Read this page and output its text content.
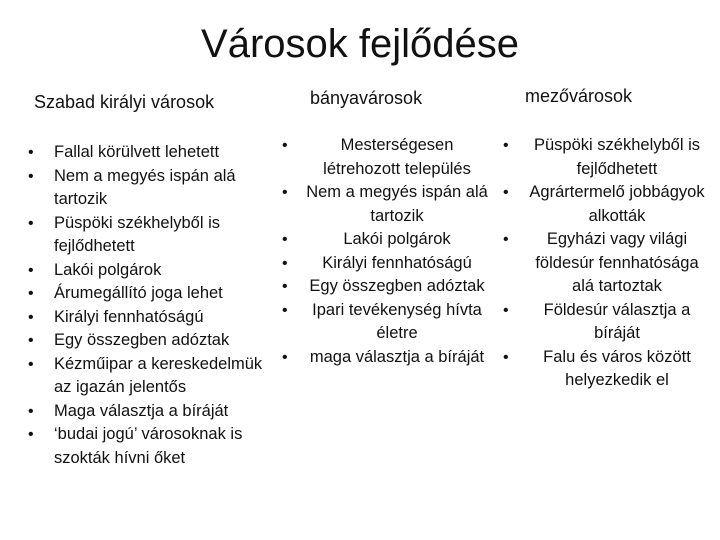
Városok fejlődése
Szabad királyi városok
• Fallal körülvett lehetett
• Nem a megyés ispán alá tartozik
• Püspöki székhelyből is fejlődhetett
• Lakói polgárok
• Árumegállító joga lehet
• Királyi fennhatóságú
• Egy összegben adóztak
• Kézműipar a kereskedelmük az igazán jelentős
• Maga választja a bíráját
• ‘budai jogú’ városoknak is szokták hívni őket
bányavárosok
• Mesterségesen létrehozott település
• Nem a megyés ispán alá tartozik
• Lakói polgárok
• Királyi fennhatóságú
• Egy összegben adóztak
• Ipari tevékenység hívta életre
• maga választja a bíráját
mezővárosok
• Püspöki székhelyből is fejlődhetett
• Agrártermelő jobbágyok alkották
• Egyházi vagy világi földesúr fennhatósága alá tartoztak
• Földesúr választja a bíráját
• Falu és város között helyezkedik el
